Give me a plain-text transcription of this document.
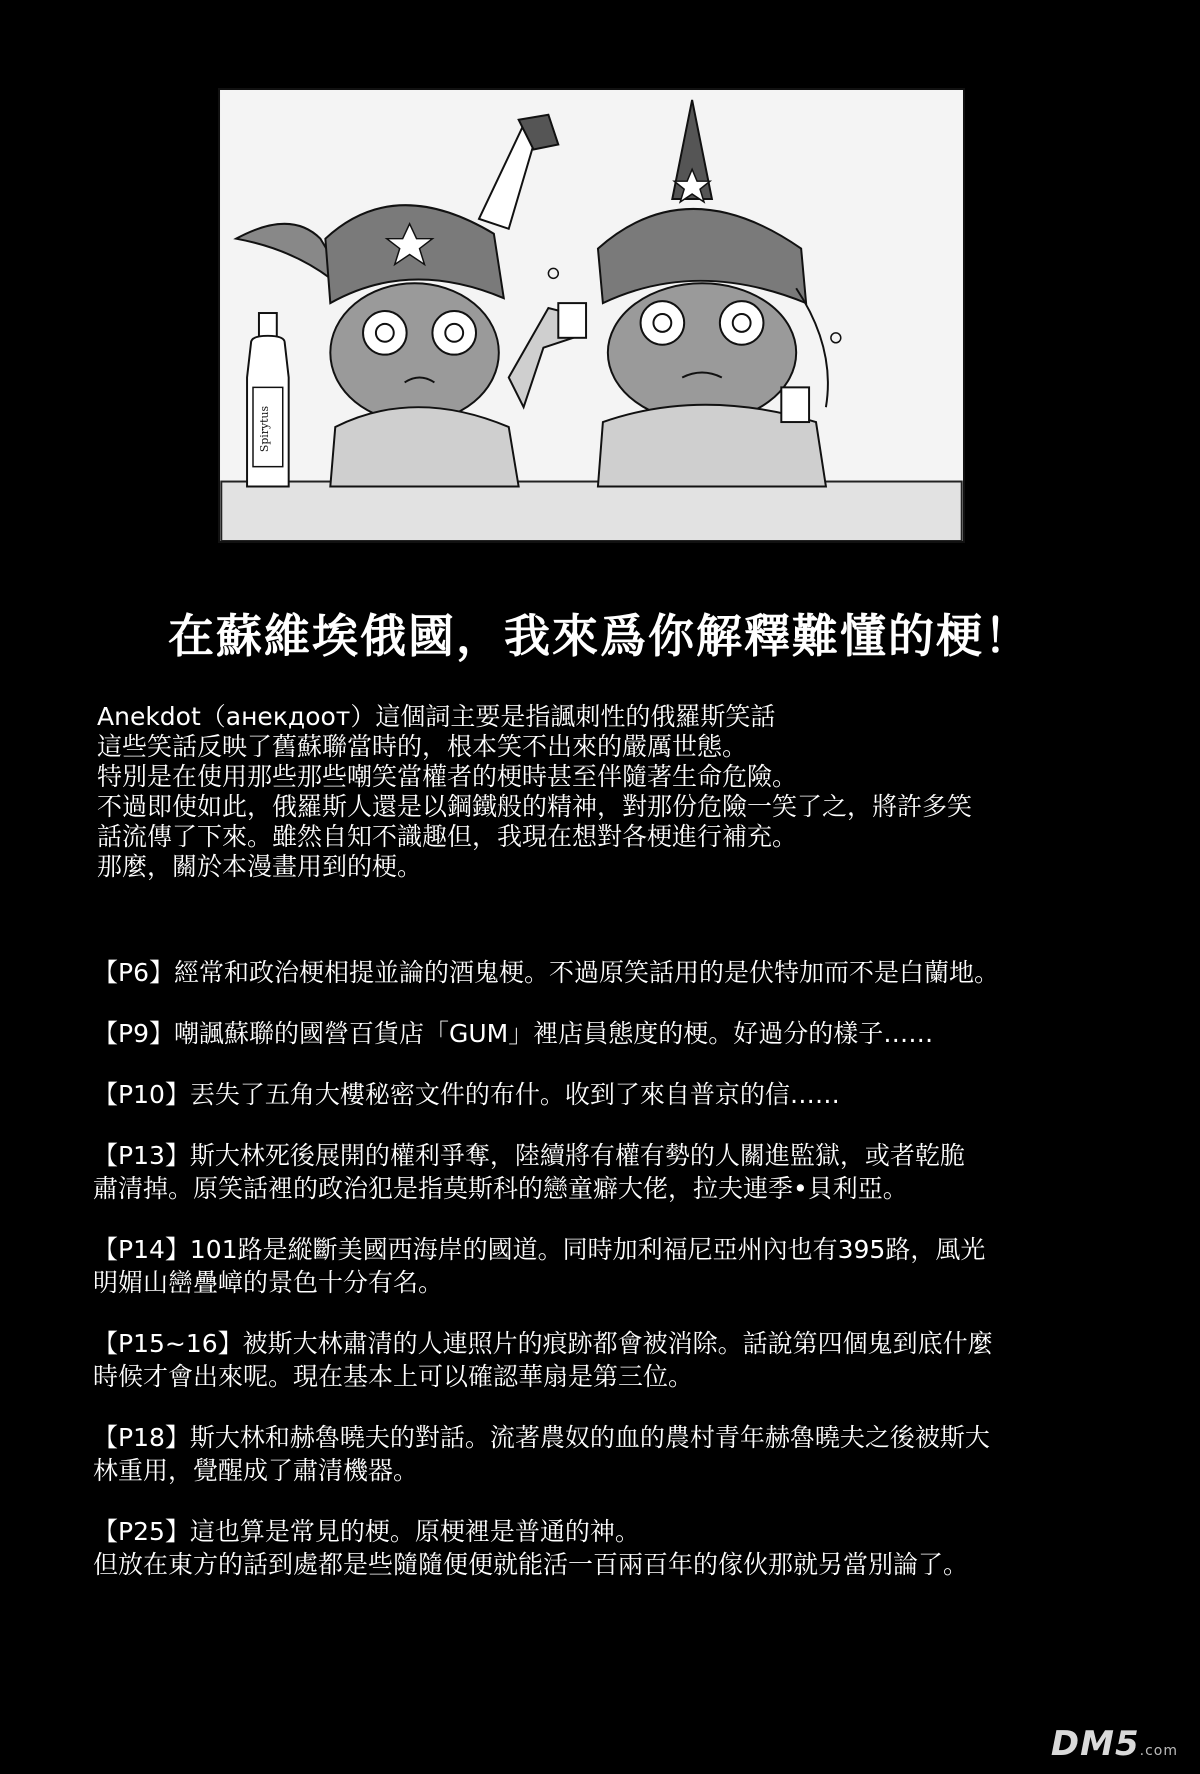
Spirytus
在蘇維埃俄國，我來爲你解釋難懂的梗！
Anekdot（анекдоот）這個詞主要是指諷刺性的俄羅斯笑話
這些笑話反映了舊蘇聯當時的，根本笑不出來的嚴厲世態。
特別是在使用那些那些嘲笑當權者的梗時甚至伴隨著生命危險。
不過即使如此，俄羅斯人還是以鋼鐵般的精神，對那份危險一笑了之，將許多笑
話流傳了下來。雖然自知不識趣但，我現在想對各梗進行補充。
那麼，關於本漫畫用到的梗。
【P6】經常和政治梗相提並論的酒鬼梗。不過原笑話用的是伏特加而不是白蘭地。
【P9】嘲諷蘇聯的國營百貨店「GUM」裡店員態度的梗。好過分的樣子……
【P10】丟失了五角大樓秘密文件的布什。收到了來自普京的信……
【P13】斯大林死後展開的權利爭奪，陸續將有權有勢的人關進監獄，或者乾脆
肅清掉。原笑話裡的政治犯是指莫斯科的戀童癖大佬，拉夫連季•貝利亞。
【P14】101路是縱斷美國西海岸的國道。同時加利福尼亞州內也有395路，風光
明媚山巒疊嶂的景色十分有名。
【P15~16】被斯大林肅清的人連照片的痕跡都會被消除。話說第四個鬼到底什麼
時候才會出來呢。現在基本上可以確認華扇是第三位。
【P18】斯大林和赫魯曉夫的對話。流著農奴的血的農村青年赫魯曉夫之後被斯大
林重用，覺醒成了肅清機器。
【P25】這也算是常見的梗。原梗裡是普通的神。
但放在東方的話到處都是些隨隨便便就能活一百兩百年的傢伙那就另當別論了。
DM5.com
